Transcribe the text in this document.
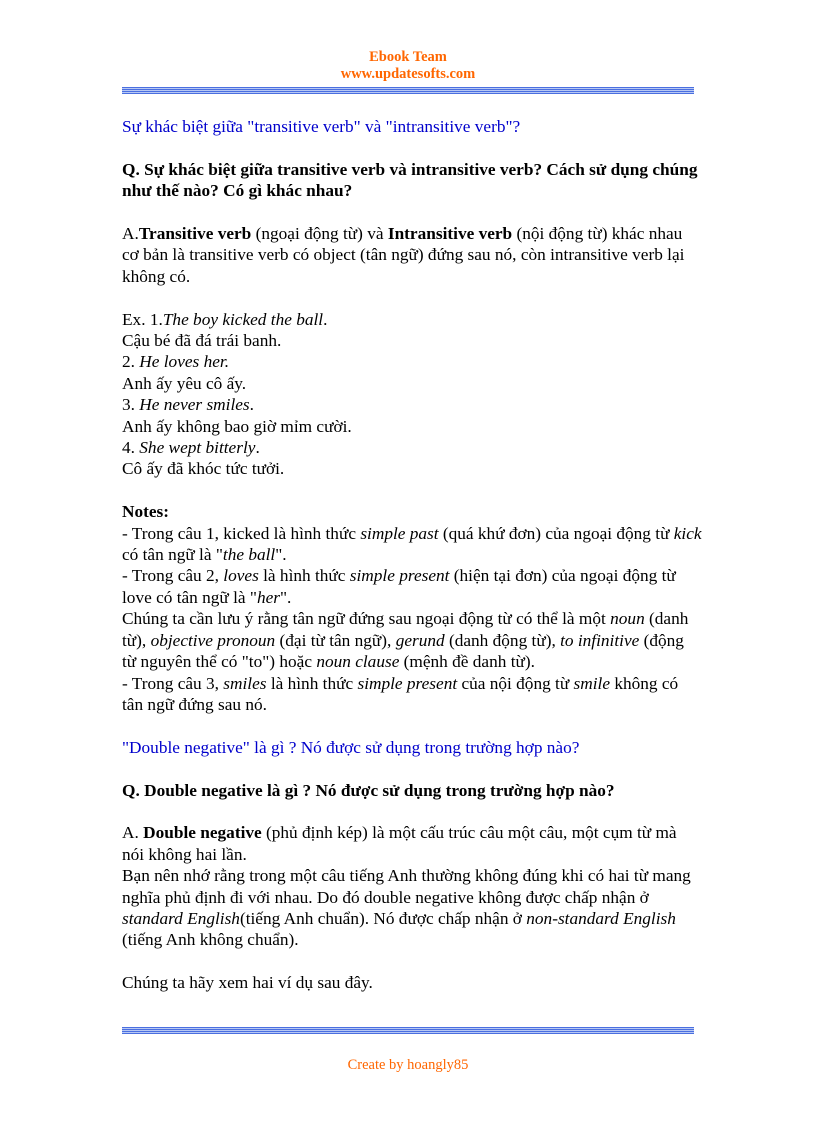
Ebook Team
www.updatesofts.com

Sự khác biệt giữa "transitive verb" và "intransitive verb"?

Q. Sự khác biệt giữa transitive verb và intransitive verb? Cách sử dụng chúng như thế nào? Có gì khác nhau?

A.Transitive verb (ngoại động từ) và Intransitive verb (nội động từ) khác nhau cơ bản là transitive verb có object (tân ngữ) đứng sau nó, còn intransitive verb lại không có.

Ex. 1.The boy kicked the ball.

Cậu bé đã đá trái banh.

2. He loves her.

Anh ấy yêu cô ấy.

3. He never smiles.

Anh ấy không bao giờ mỉm cười.

4. She wept bitterly.

Cô ấy đã khóc tức tưởi.

Notes:

- Trong câu 1, kicked là hình thức simple past (quá khứ đơn) của ngoại động từ kick có tân ngữ là "the ball".

- Trong câu 2, loves là hình thức simple present (hiện tại đơn) của ngoại động từ love có tân ngữ là "her".

Chúng ta cần lưu ý rằng tân ngữ đứng sau ngoại động từ có thể là một noun (danh từ), objective pronoun (đại từ tân ngữ), gerund (danh động từ), to infinitive (động từ nguyên thể có "to") hoặc noun clause (mệnh đề danh từ).

- Trong câu 3, smiles là hình thức simple present của nội động từ smile không có tân ngữ đứng sau nó.

"Double negative" là gì ? Nó được sử dụng trong trường hợp nào?

Q. Double negative là gì ? Nó được sử dụng trong trường hợp nào?

A. Double negative (phủ định kép) là một cấu trúc câu một câu, một cụm từ mà nói không hai lần.

Bạn nên nhớ rằng trong một câu tiếng Anh thường không đúng khi có hai từ mang nghĩa phủ định đi với nhau. Do đó double negative không được chấp nhận ở standard English(tiếng Anh chuẩn). Nó được chấp nhận ở non-standard English (tiếng Anh không chuẩn).

Chúng ta hãy xem hai ví dụ sau đây.

Create by hoangly85
